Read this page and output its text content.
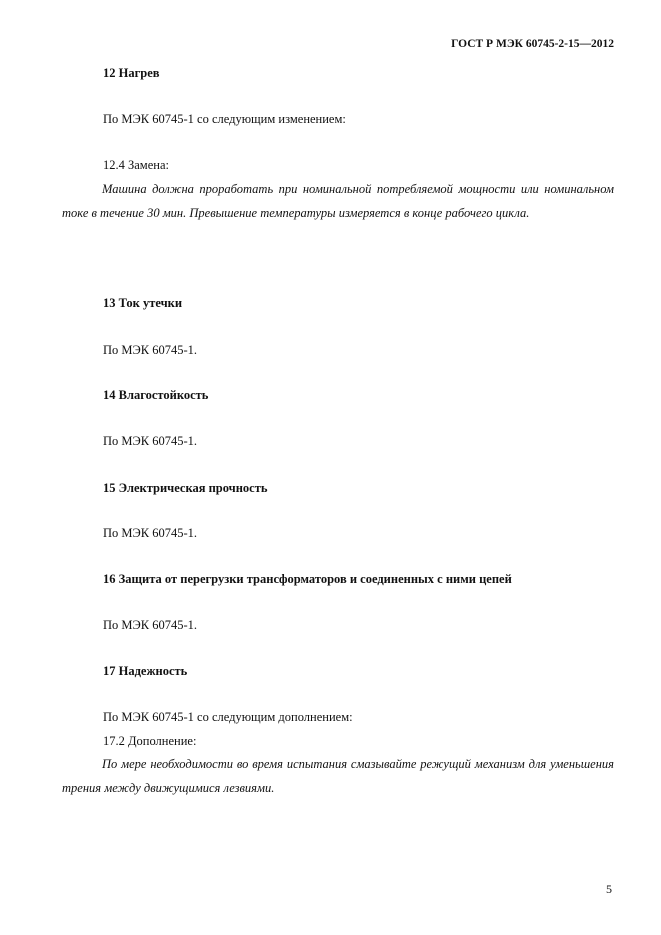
ГОСТ Р МЭК 60745-2-15—2012
12 Нагрев
По МЭК 60745-1 со следующим изменением:
12.4 Замена:

Машина должна проработать при номинальной потребляемой мощности или номинальном токе в течение 30 мин. Превышение температуры измеряется в конце рабочего цикла.

13 Ток утечки
По МЭК 60745-1.
14 Влагостойкость
По МЭК 60745-1.
15 Электрическая прочность
По МЭК 60745-1.
16 Защита от перегрузки трансформаторов и соединенных с ними цепей
По МЭК 60745-1.
17 Надежность
По МЭК 60745-1 со следующим дополнением:
17.2 Дополнение:

По мере необходимости во время испытания смазывайте режущий механизм для уменьшения трения между движущимися лезвиями.

5
